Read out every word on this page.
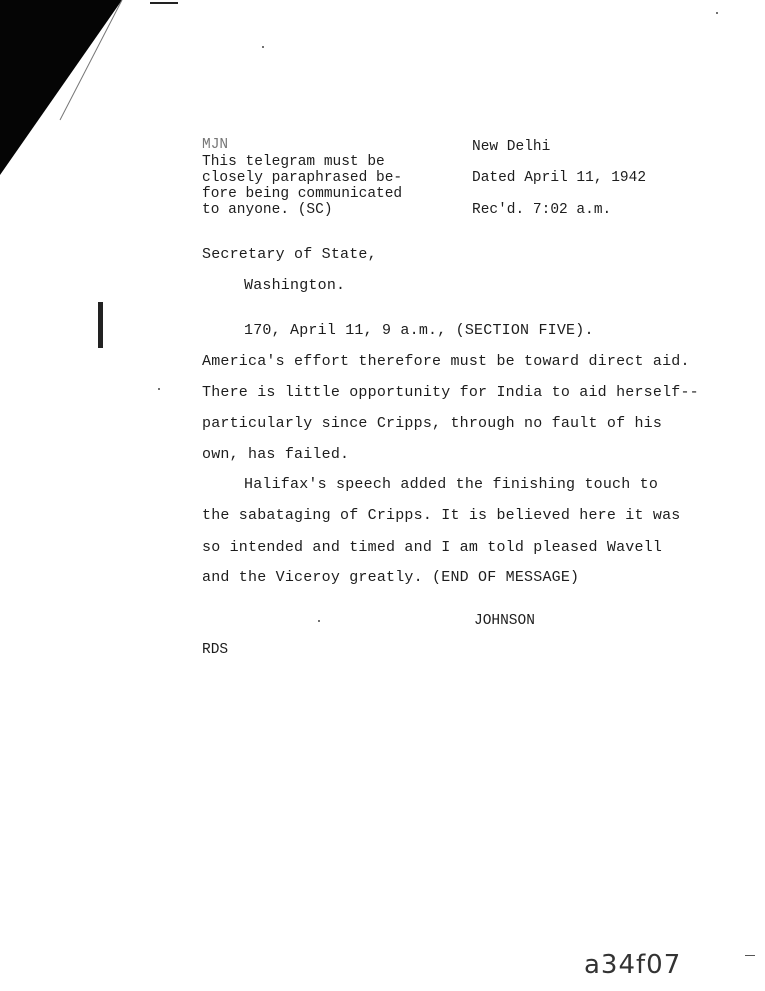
MJN
This telegram must be
closely paraphrased be-
fore being communicated
to anyone. (SC)
New Delhi
Dated April 11, 1942
Rec'd. 7:02 a.m.
Secretary of State,
Washington.
170, April 11, 9 a.m., (SECTION FIVE).
America's effort therefore must be toward direct aid.
There is little opportunity for India to aid herself--
particularly since Cripps, through no fault of his
own, has failed.
Halifax's speech added the finishing touch to
the sabataging of Cripps. It is believed here it was
so intended and timed and I am told pleased Wavell
and the Viceroy greatly. (END OF MESSAGE)
JOHNSON
RDS
a34f07
